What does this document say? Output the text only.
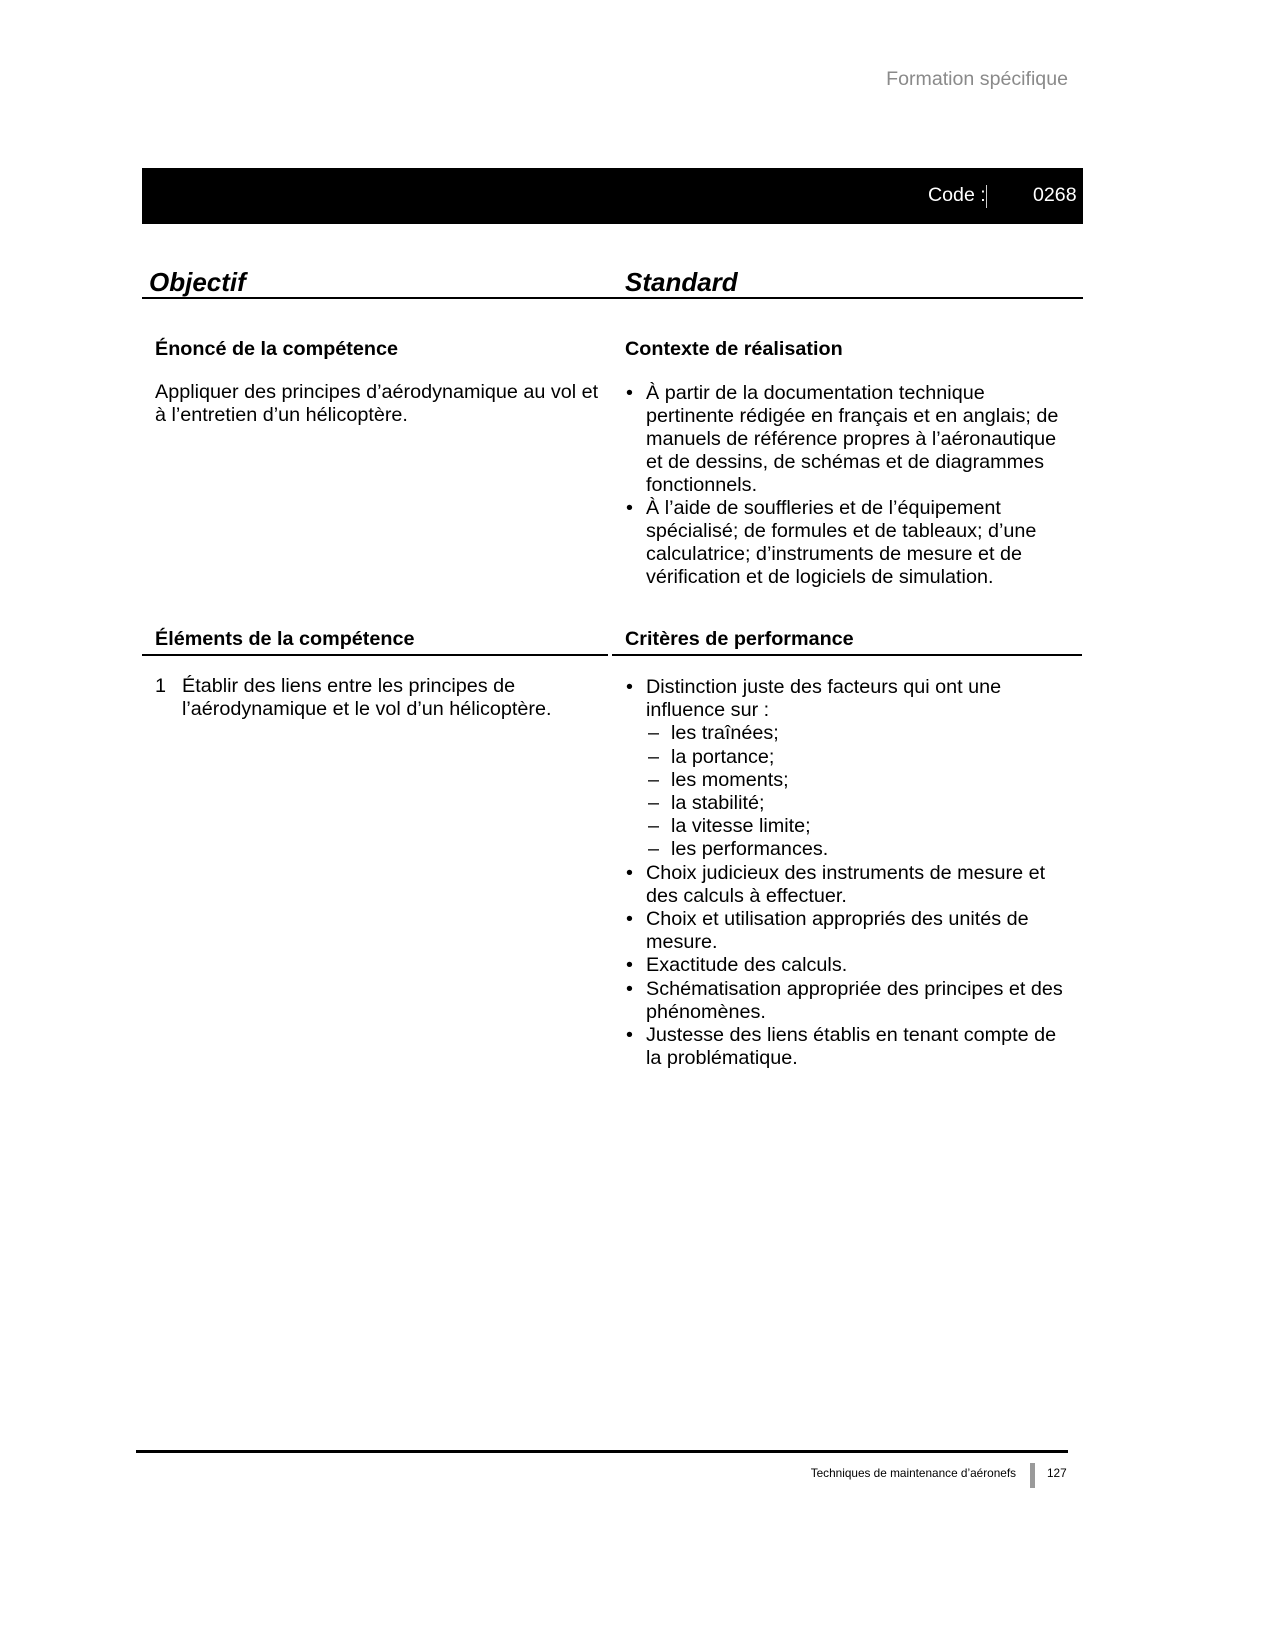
Formation spécifique
Code : 0268
Objectif	Standard
Énoncé de la compétence
Appliquer des principes d’aérodynamique au vol et
à l’entretien d’un hélicoptère.
Contexte de réalisation
• À partir de la documentation technique
pertinente rédigée en français et en anglais; de
manuels de référence propres à l’aéronautique
et de dessins, de schémas et de diagrammes
fonctionnels.
• À l’aide de souffleries et de l’équipement
spécialisé; de formules et de tableaux; d’une
calculatrice; d’instruments de mesure et de
vérification et de logiciels de simulation.
Éléments de la compétence
1 Établir des liens entre les principes de
l’aérodynamique et le vol d’un hélicoptère.
Critères de performance
• Distinction juste des facteurs qui ont une
influence sur :
– les traînées;
– la portance;
– les moments;
– la stabilité;
– la vitesse limite;
– les performances.
• Choix judicieux des instruments de mesure et
des calculs à effectuer.
• Choix et utilisation appropriés des unités de
mesure.
• Exactitude des calculs.
• Schématisation appropriée des principes et des
phénomènes.
• Justesse des liens établis en tenant compte de
la problématique.
Techniques de maintenance d’aéronefs	127
